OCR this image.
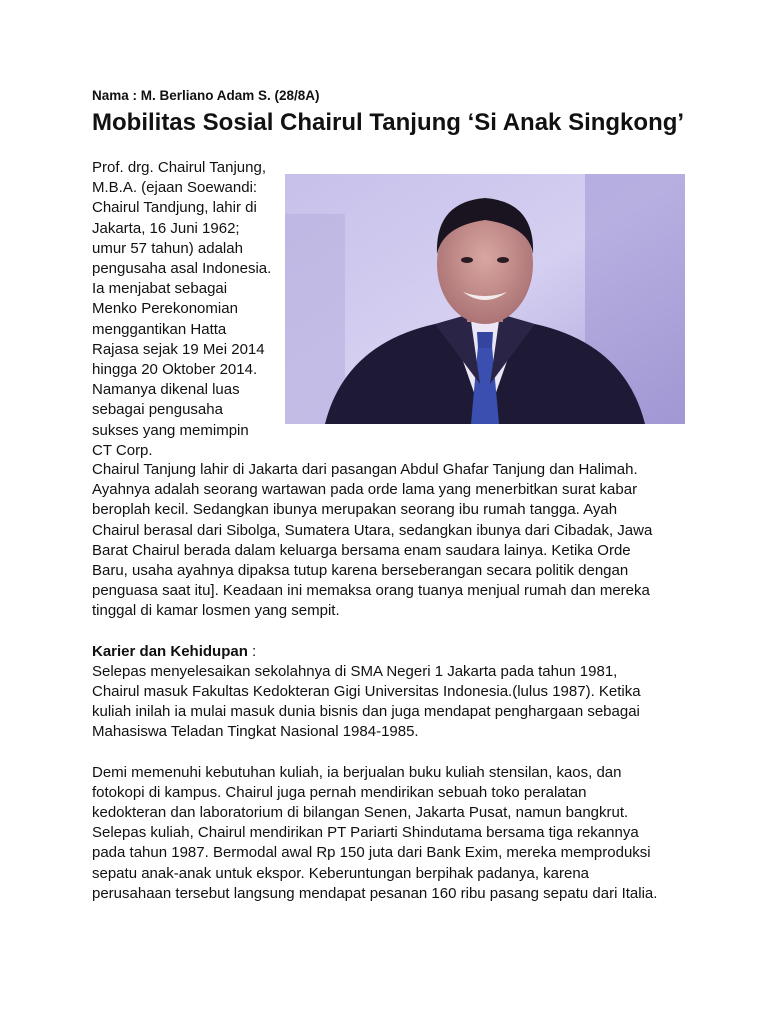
Nama : M. Berliano Adam S. (28/8A)

Mobilitas Sosial Chairul Tanjung ‘Si Anak Singkong’

Prof. drg. Chairul Tanjung,
M.B.A. (ejaan Soewandi:
Chairul Tandjung, lahir di
Jakarta, 16 Juni 1962;
umur 57 tahun) adalah
pengusaha asal Indonesia.
Ia menjabat sebagai
Menko Perekonomian
menggantikan Hatta
Rajasa sejak 19 Mei 2014
hingga 20 Oktober 2014.
Namanya dikenal luas
sebagai pengusaha
sukses yang memimpin
CT Corp.

Chairul Tanjung lahir di Jakarta dari pasangan Abdul Ghafar Tanjung dan Halimah.
Ayahnya adalah seorang wartawan pada orde lama yang menerbitkan surat kabar
beroplah kecil. Sedangkan ibunya merupakan seorang ibu rumah tangga. Ayah
Chairul berasal dari Sibolga, Sumatera Utara, sedangkan ibunya dari Cibadak, Jawa
Barat Chairul berada dalam keluarga bersama enam saudara lainya. Ketika Orde
Baru, usaha ayahnya dipaksa tutup karena berseberangan secara politik dengan
penguasa saat itu]. Keadaan ini memaksa orang tuanya menjual rumah dan mereka
tinggal di kamar losmen yang sempit.

Karier dan Kehidupan :

Selepas menyelesaikan sekolahnya di SMA Negeri 1 Jakarta pada tahun 1981,
Chairul masuk Fakultas Kedokteran Gigi Universitas Indonesia.(lulus 1987). Ketika
kuliah inilah ia mulai masuk dunia bisnis dan juga mendapat penghargaan sebagai
Mahasiswa Teladan Tingkat Nasional 1984-1985.

Demi memenuhi kebutuhan kuliah, ia berjualan buku kuliah stensilan, kaos, dan
fotokopi di kampus. Chairul juga pernah mendirikan sebuah toko peralatan
kedokteran dan laboratorium di bilangan Senen, Jakarta Pusat, namun bangkrut.
Selepas kuliah, Chairul mendirikan PT Pariarti Shindutama bersama tiga rekannya
pada tahun 1987. Bermodal awal Rp 150 juta dari Bank Exim, mereka memproduksi
sepatu anak-anak untuk ekspor. Keberuntungan berpihak padanya, karena
perusahaan tersebut langsung mendapat pesanan 160 ribu pasang sepatu dari Italia.
